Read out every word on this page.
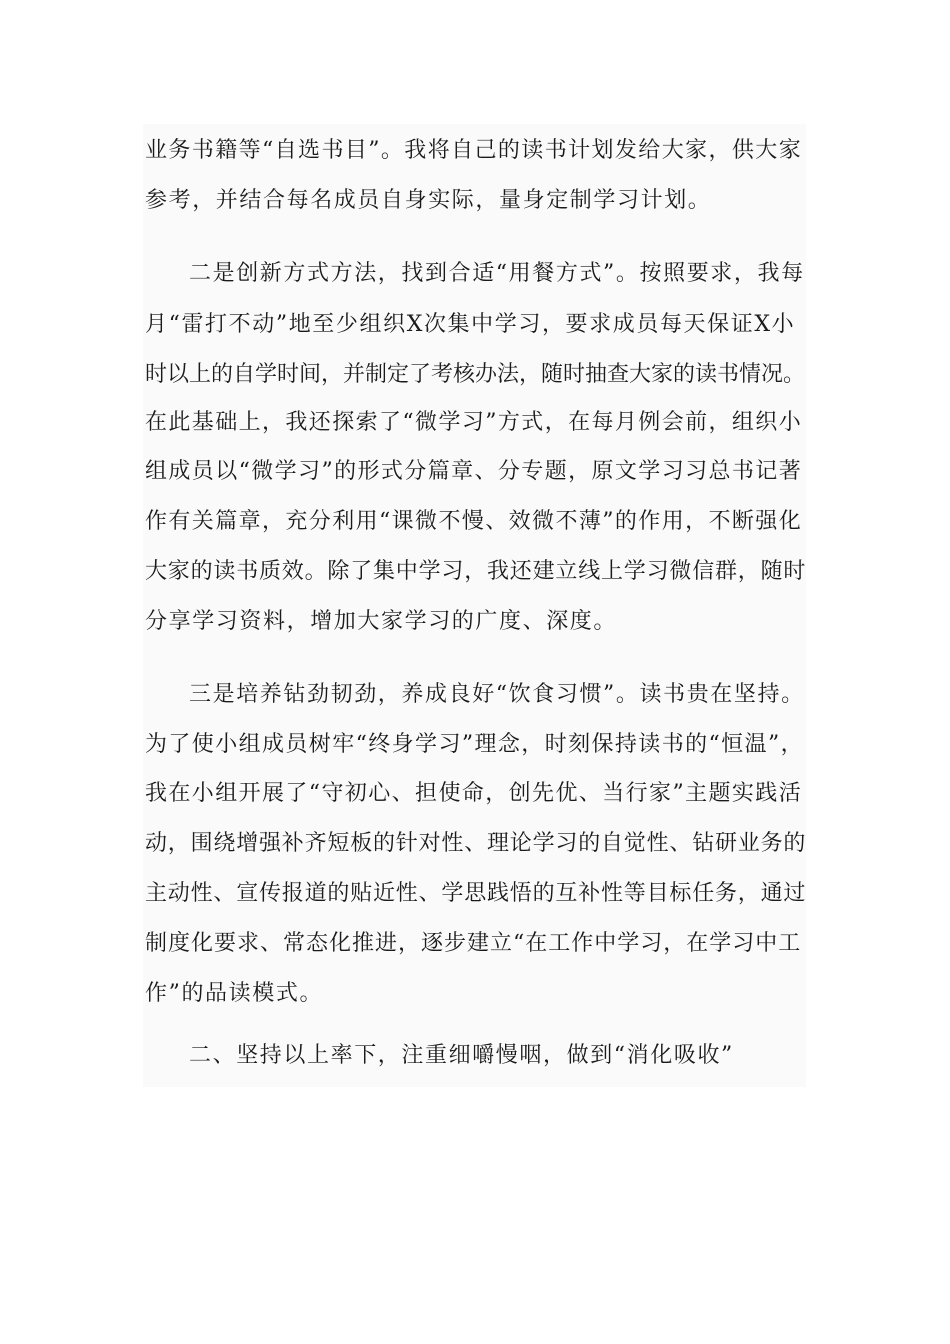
业务书籍等“自选书目”。我将自己的读书计划发给大家，供大家
参考，并结合每名成员自身实际，量身定制学习计划。
二是创新方式方法，找到合适“用餐方式”。按照要求，我每
月“雷打不动”地至少组织X次集中学习，要求成员每天保证X小
时以上的自学时间，并制定了考核办法，随时抽查大家的读书情况。
在此基础上，我还探索了“微学习”方式，在每月例会前，组织小
组成员以“微学习”的形式分篇章、分专题，原文学习习总书记著
作有关篇章，充分利用“课微不慢、效微不薄”的作用，不断强化
大家的读书质效。除了集中学习，我还建立线上学习微信群，随时
分享学习资料，增加大家学习的广度、深度。
三是培养钻劲韧劲，养成良好“饮食习惯”。读书贵在坚持。
为了使小组成员树牢“终身学习”理念，时刻保持读书的“恒温”，
我在小组开展了“守初心、担使命，创先优、当行家”主题实践活
动，围绕增强补齐短板的针对性、理论学习的自觉性、钻研业务的
主动性、宣传报道的贴近性、学思践悟的互补性等目标任务，通过
制度化要求、常态化推进，逐步建立“在工作中学习，在学习中工
作”的品读模式。
二、坚持以上率下，注重细嚼慢咽，做到“消化吸收”
